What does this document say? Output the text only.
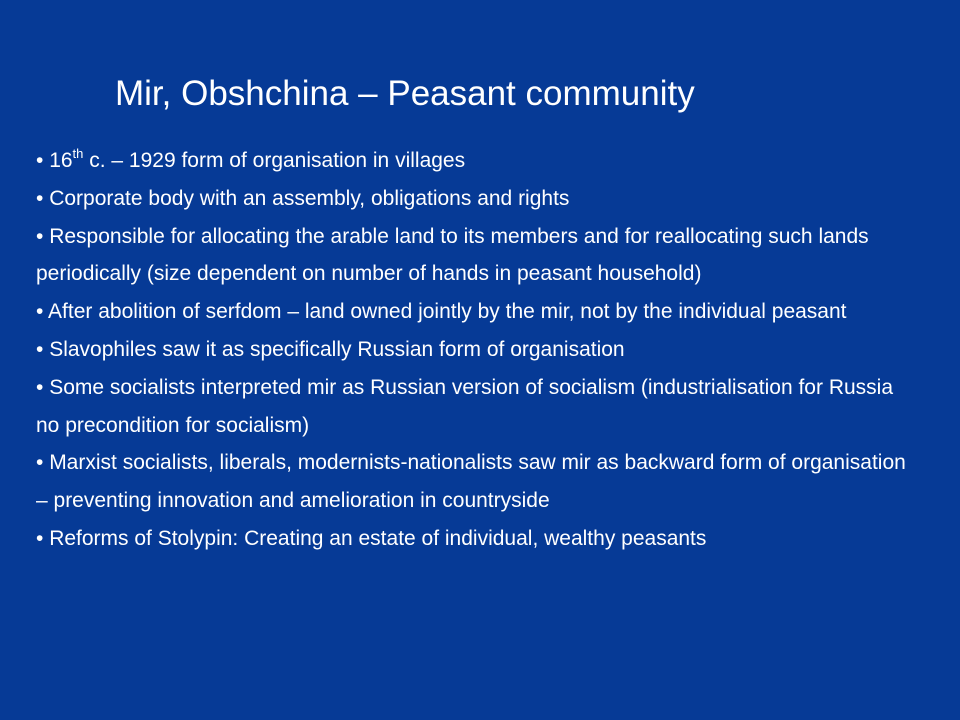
Mir, Obshchina – Peasant community
• 16th c. – 1929 form of organisation in villages
• Corporate body with an assembly, obligations and rights
• Responsible for allocating the arable land to its members and for reallocating such lands periodically (size dependent on number of hands in peasant household)
• After abolition of serfdom – land owned jointly by the mir, not by the individual peasant
• Slavophiles saw it as specifically Russian form of organisation
• Some socialists interpreted mir as Russian version of socialism (industrialisation for Russia no precondition for socialism)
• Marxist socialists, liberals, modernists-nationalists saw mir as backward form of organisation – preventing innovation and amelioration in countryside
• Reforms of Stolypin: Creating an estate of individual, wealthy peasants
